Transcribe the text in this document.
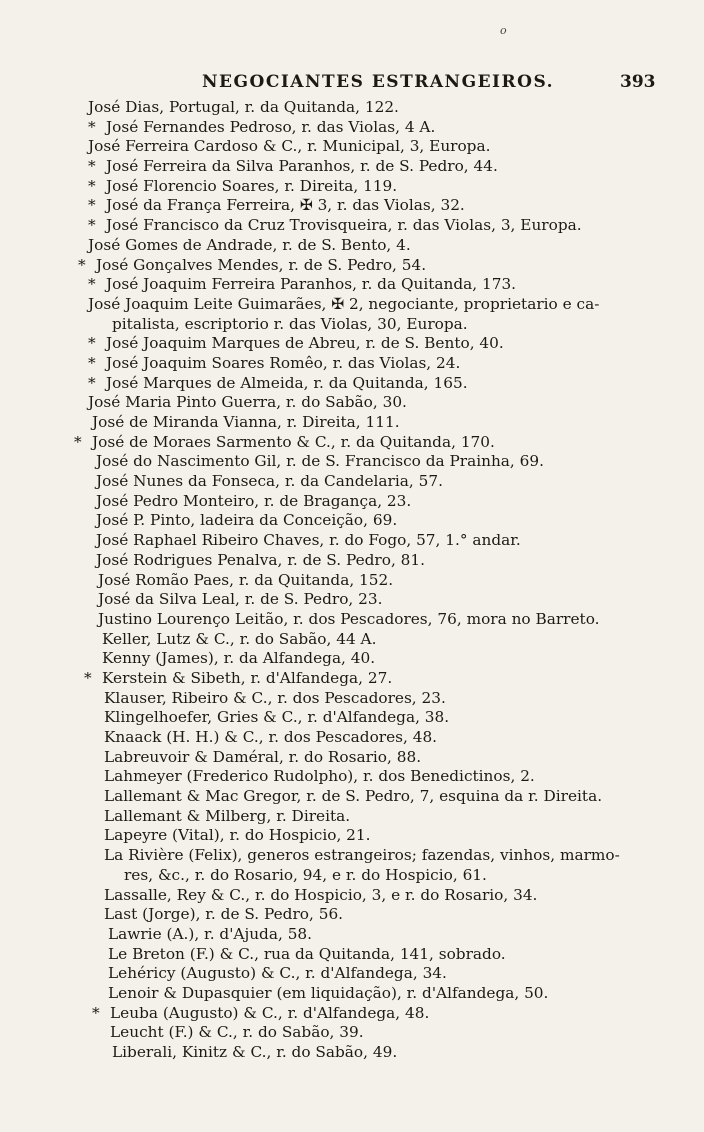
o
NEGOCIANTES ESTRANGEIROS.	393
José Dias, Portugal, r. da Quitanda, 122.
* José Fernandes Pedroso, r. das Violas, 4 A.
José Ferreira Cardoso & C., r. Municipal, 3, Europa.
* José Ferreira da Silva Paranhos, r. de S. Pedro, 44.
* José Florencio Soares, r. Direita, 119.
* José da França Ferreira, ✠ 3, r. das Violas, 32.
* José Francisco da Cruz Trovisqueira, r. das Violas, 3, Europa.
José Gomes de Andrade, r. de S. Bento, 4.
* José Gonçalves Mendes, r. de S. Pedro, 54.
* José Joaquim Ferreira Paranhos, r. da Quitanda, 173.
José Joaquim Leite Guimarães, ✠ 2, negociante, proprietario e ca-
pitalista, escriptorio r. das Violas, 30, Europa.
* José Joaquim Marques de Abreu, r. de S. Bento, 40.
* José Joaquim Soares Romêo, r. das Violas, 24.
* José Marques de Almeida, r. da Quitanda, 165.
José Maria Pinto Guerra, r. do Sabão, 30.
José de Miranda Vianna, r. Direita, 111.
* José de Moraes Sarmento & C., r. da Quitanda, 170.
José do Nascimento Gil, r. de S. Francisco da Prainha, 69.
José Nunes da Fonseca, r. da Candelaria, 57.
José Pedro Monteiro, r. de Bragança, 23.
José P. Pinto, ladeira da Conceição, 69.
José Raphael Ribeiro Chaves, r. do Fogo, 57, 1.° andar.
José Rodrigues Penalva, r. de S. Pedro, 81.
José Romão Paes, r. da Quitanda, 152.
José da Silva Leal, r. de S. Pedro, 23.
Justino Lourenço Leitão, r. dos Pescadores, 76, mora no Barreto.
Keller, Lutz & C., r. do Sabão, 44 A.
Kenny (James), r. da Alfandega, 40.
* Kerstein & Sibeth, r. d'Alfandega, 27.
Klauser, Ribeiro & C., r. dos Pescadores, 23.
Klingelhoefer, Gries & C., r. d'Alfandega, 38.
Knaack (H. H.) & C., r. dos Pescadores, 48.
Labreuvoir & Daméral, r. do Rosario, 88.
Lahmeyer (Frederico Rudolpho), r. dos Benedictinos, 2.
Lallemant & Mac Gregor, r. de S. Pedro, 7, esquina da r. Direita.
Lallemant & Milberg, r. Direita.
Lapeyre (Vital), r. do Hospicio, 21.
La Rivière (Felix), generos estrangeiros; fazendas, vinhos, marmo-
res, &c., r. do Rosario, 94, e r. do Hospicio, 61.
Lassalle, Rey & C., r. do Hospicio, 3, e r. do Rosario, 34.
Last (Jorge), r. de S. Pedro, 56.
Lawrie (A.), r. d'Ajuda, 58.
Le Breton (F.) & C., rua da Quitanda, 141, sobrado.
Lehéricy (Augusto) & C., r. d'Alfandega, 34.
Lenoir & Dupasquier (em liquidação), r. d'Alfandega, 50.
* Leuba (Augusto) & C., r. d'Alfandega, 48.
Leucht (F.) & C., r. do Sabão, 39.
Liberali, Kinitz & C., r. do Sabão, 49.
